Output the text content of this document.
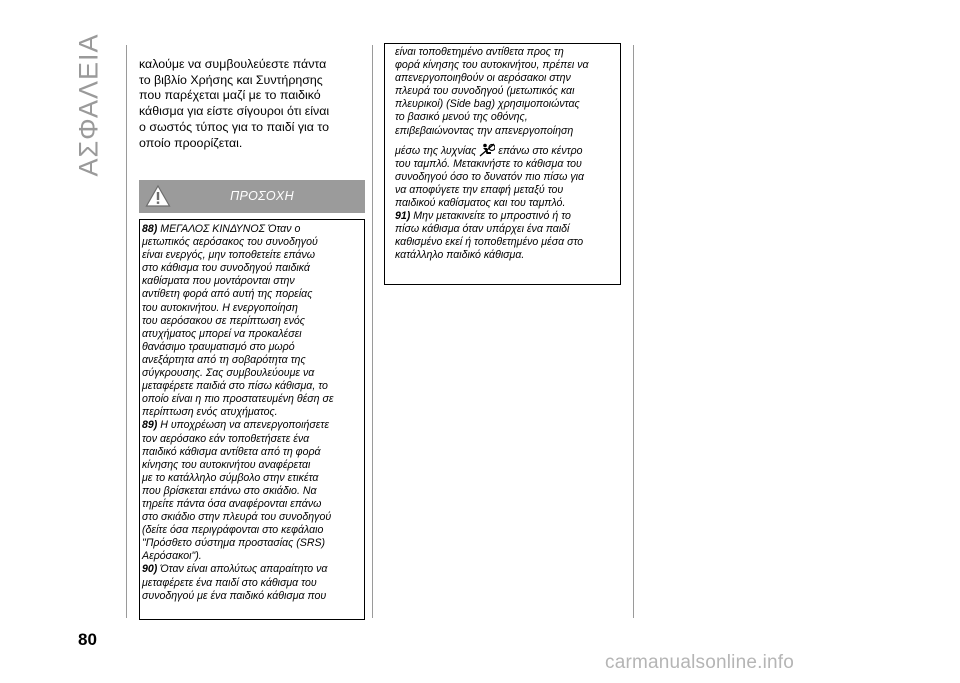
ΑΣΦΑΛΕΙΑ
80

καλούμε να συμβουλεύεστε πάντα

το βιβλίο Χρήσης και Συντήρησης

που παρέχεται μαζί με το παιδικό

κάθισμα για είστε σίγουροι ότι είναι

ο σωστός τύπος για το παιδί για το

οποίο προορίζεται.

ΠΡΟΣΟΧΗ

88) ΜΕΓΑΛΟΣ ΚΙΝΔΥΝΟΣ Όταν ο

μετωπικός αερόσακος του συνοδηγού

είναι ενεργός, μην τοποθετείτε επάνω

στο κάθισμα του συνοδηγού παιδικά

καθίσματα που μοντάρονται στην

αντίθετη φορά από αυτή της πορείας

του αυτοκινήτου. Η ενεργοποίηση

του αερόσακου σε περίπτωση ενός

ατυχήματος μπορεί να προκαλέσει

θανάσιμο τραυματισμό στο μωρό

ανεξάρτητα από τη σοβαρότητα της

σύγκρουσης. Σας συμβουλεύουμε να

μεταφέρετε παιδιά στο πίσω κάθισμα, το

οποίο είναι η πιο προστατευμένη θέση σε

περίπτωση ενός ατυχήματος.

89) Η υποχρέωση να απενεργοποιήσετε

τον αερόσακο εάν τοποθετήσετε ένα

παιδικό κάθισμα αντίθετα από τη φορά

κίνησης του αυτοκινήτου αναφέρεται

με το κατάλληλο σύμβολο στην ετικέτα

που βρίσκεται επάνω στο σκιάδιο. Να

τηρείτε πάντα όσα αναφέρονται επάνω

στο σκιάδιο στην πλευρά του συνοδηγού

(δείτε όσα περιγράφονται στο κεφάλαιο

"Πρόσθετο σύστημα προστασίας (SRS)

Αερόσακοι").

90) Όταν είναι απολύτως απαραίτητο να

μεταφέρετε ένα παιδί στο κάθισμα του

συνοδηγού με ένα παιδικό κάθισμα που

είναι τοποθετημένο αντίθετα προς τη

φορά κίνησης του αυτοκινήτου, πρέπει να

απενεργοποιηθούν οι αερόσακοι στην

πλευρά του συνοδηγού (μετωπικός και

πλευρικοί) (Side bag) χρησιμοποιώντας

το βασικό μενού της οθόνης,

επιβεβαιώνοντας την απενεργοποίηση

μέσω της λυχνίας  επάνω στο κέντρο

του ταμπλό. Μετακινήστε το κάθισμα του

συνοδηγού όσο το δυνατόν πιο πίσω για

να αποφύγετε την επαφή μεταξύ του

παιδικού καθίσματος και του ταμπλό.

91) Μην μετακινείτε το μπροστινό ή το

πίσω κάθισμα όταν υπάρχει ένα παιδί

καθισμένο εκεί ή τοποθετημένο μέσα στο

κατάλληλο παιδικό κάθισμα.

carmanualsonline.info
